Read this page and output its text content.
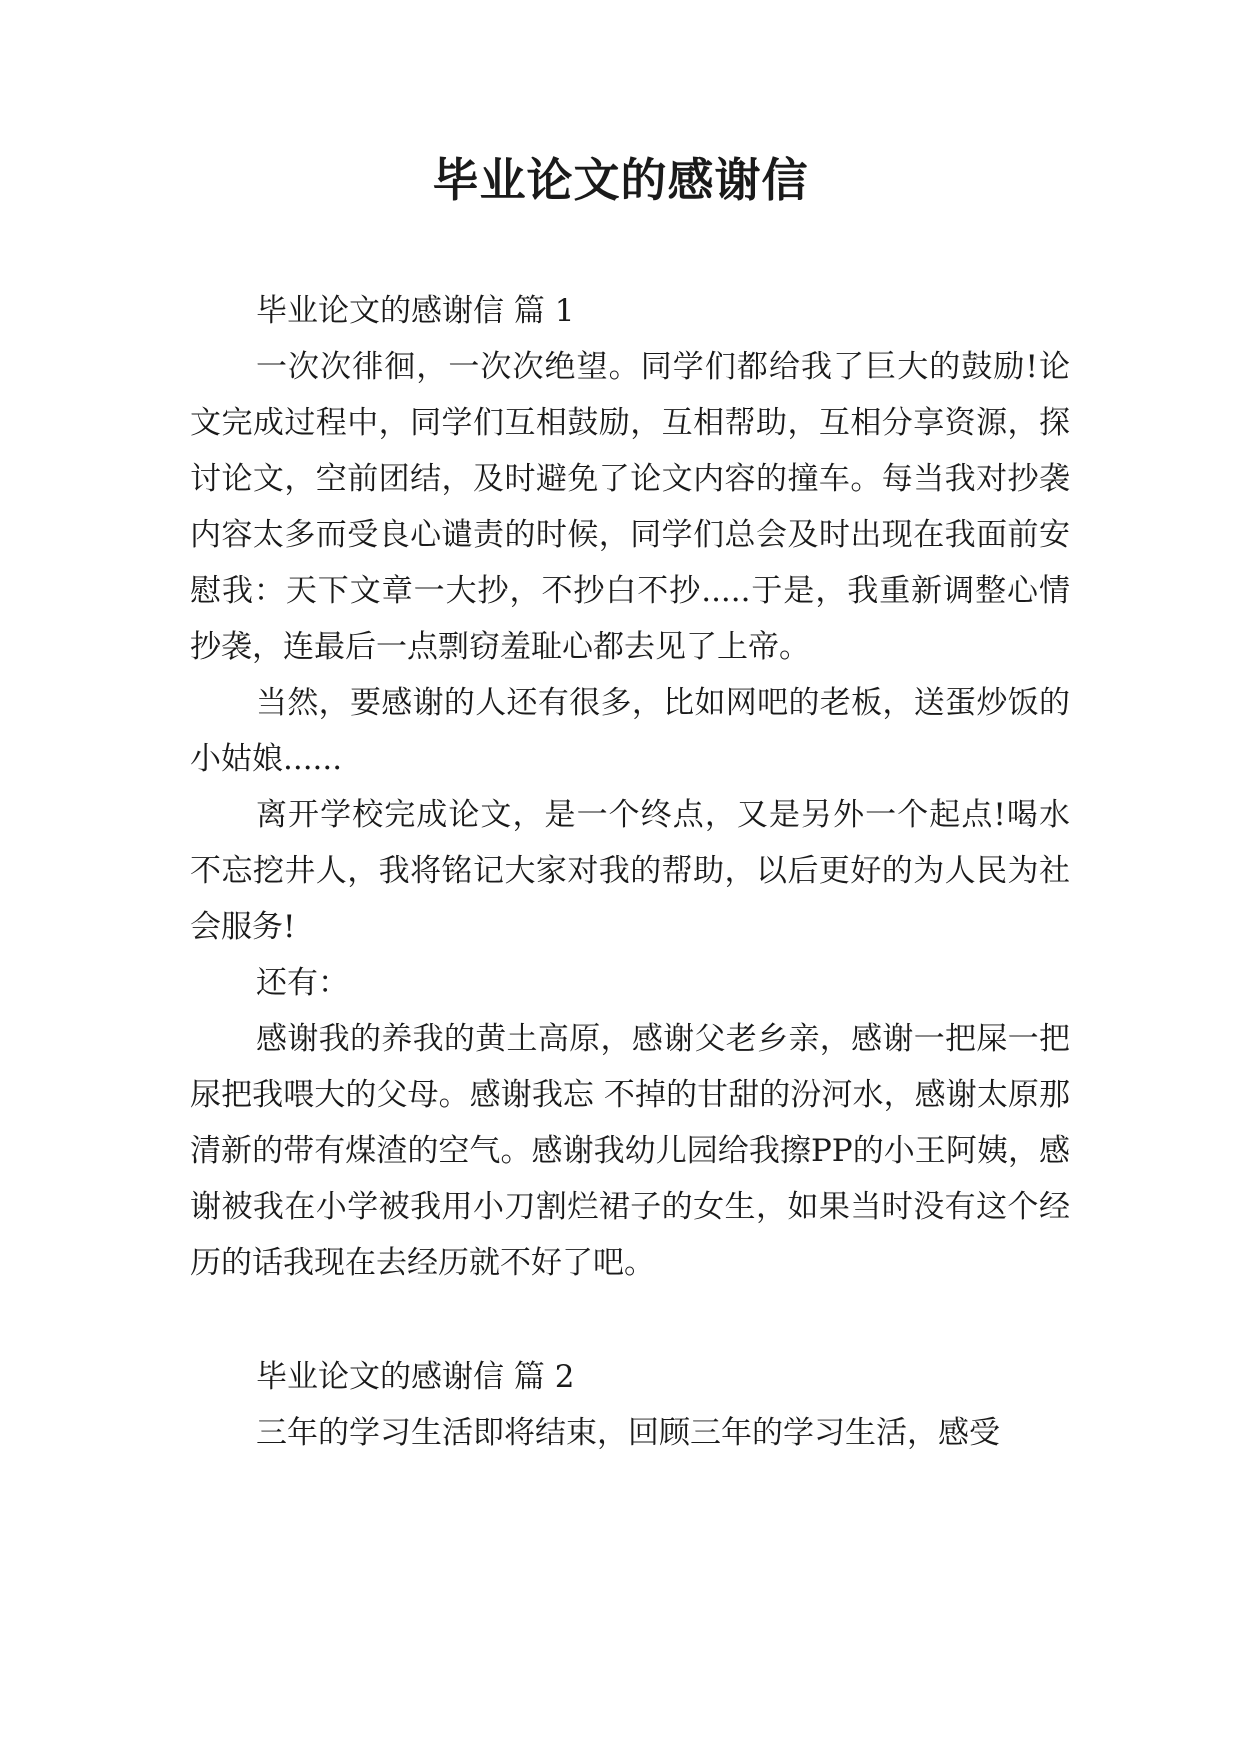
毕业论文的感谢信

毕业论文的感谢信 篇 1

一次次徘徊，一次次绝望。同学们都给我了巨大的鼓励!论文完成过程中，同学们互相鼓励，互相帮助，互相分享资源，探讨论文，空前团结，及时避免了论文内容的撞车。每当我对抄袭内容太多而受良心谴责的时候，同学们总会及时出现在我面前安慰我：天下文章一大抄，不抄白不抄.....于是，我重新调整心情抄袭，连最后一点剽窃羞耻心都去见了上帝。

当然，要感谢的人还有很多，比如网吧的老板，送蛋炒饭的小姑娘......

离开学校完成论文，是一个终点，又是另外一个起点!喝水不忘挖井人，我将铭记大家对我的帮助，以后更好的为人民为社会服务!

还有：

感谢我的养我的黄土高原，感谢父老乡亲，感谢一把屎一把尿把我喂大的父母。感谢我忘 不掉的甘甜的汾河水，感谢太原那清新的带有煤渣的空气。感谢我幼儿园给我擦PP的小王阿姨，感谢被我在小学被我用小刀割烂裙子的女生，如果当时没有这个经历的话我现在去经历就不好了吧。

毕业论文的感谢信 篇 2

三年的学习生活即将结束，回顾三年的学习生活，感受
